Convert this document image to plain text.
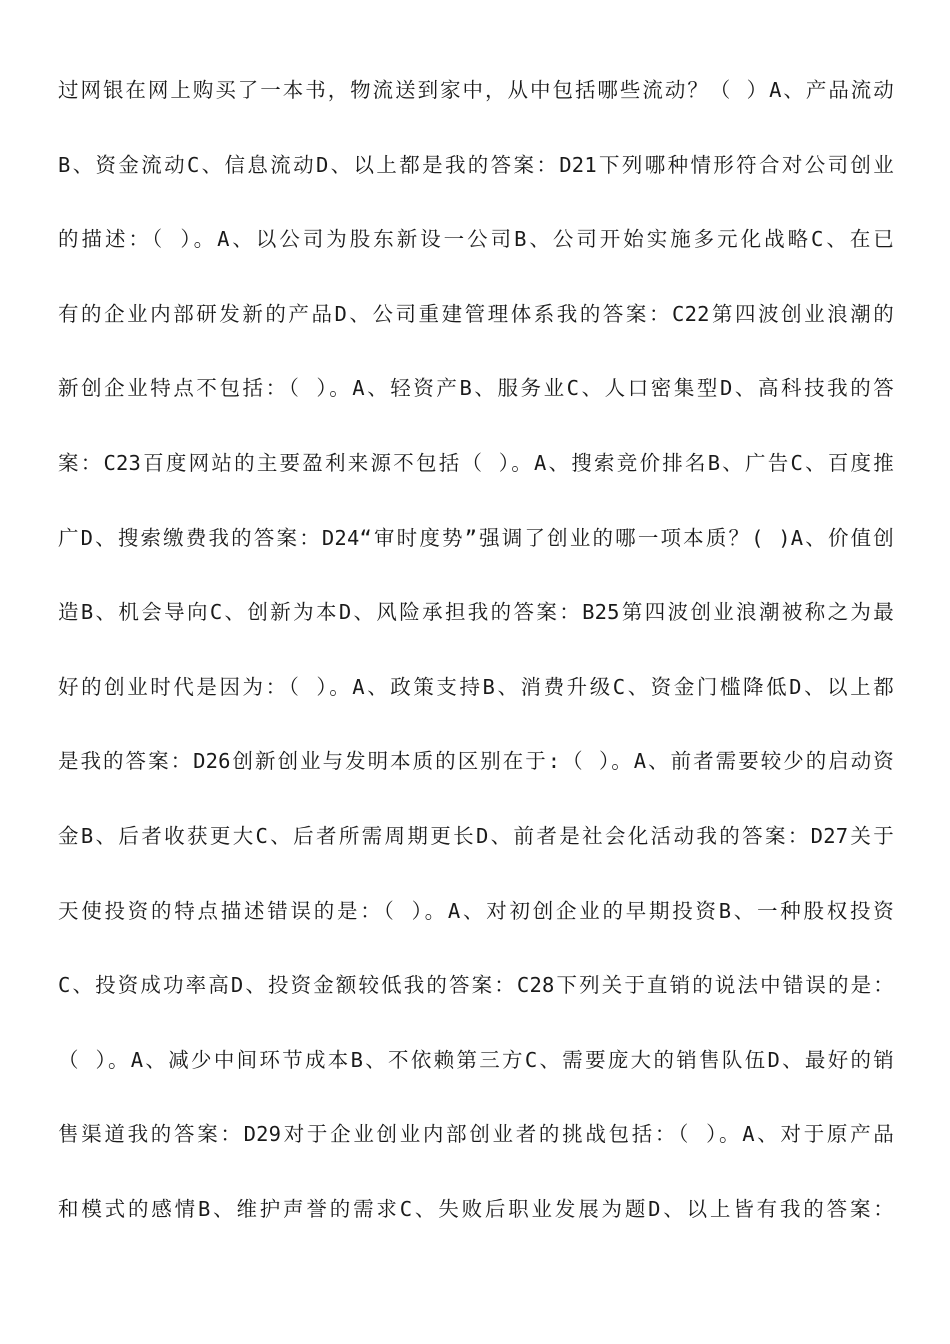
过网银在网上购买了一本书，物流送到家中，从中包括哪些流动？（ ）A、产品流动
B、资金流动C、信息流动D、以上都是我的答案：D21下列哪种情形符合对公司创业
的描述：（ ）。A、以公司为股东新设一公司B、公司开始实施多元化战略C、在已
有的企业内部研发新的产品D、公司重建管理体系我的答案：C22第四波创业浪潮的
新创企业特点不包括：（ ）。A、轻资产B、服务业C、人口密集型D、高科技我的答
案：C23百度网站的主要盈利来源不包括（ ）。A、搜索竞价排名B、广告C、百度推
广D、搜索缴费我的答案：D24“审时度势”强调了创业的哪一项本质？( )A、价值创
造B、机会导向C、创新为本D、风险承担我的答案：B25第四波创业浪潮被称之为最
好的创业时代是因为：（ ）。A、政策支持B、消费升级C、资金门槛降低D、以上都
是我的答案：D26创新创业与发明本质的区别在于:（ ）。A、前者需要较少的启动资
金B、后者收获更大C、后者所需周期更长D、前者是社会化活动我的答案：D27关于
天使投资的特点描述错误的是：（ ）。A、对初创企业的早期投资B、一种股权投资
C、投资成功率高D、投资金额较低我的答案：C28下列关于直销的说法中错误的是：
（ ）。A、减少中间环节成本B、不依赖第三方C、需要庞大的销售队伍D、最好的销
售渠道我的答案：D29对于企业创业内部创业者的挑战包括：（ ）。A、对于原产品
和模式的感情B、维护声誉的需求C、失败后职业发展为题D、以上皆有我的答案：
